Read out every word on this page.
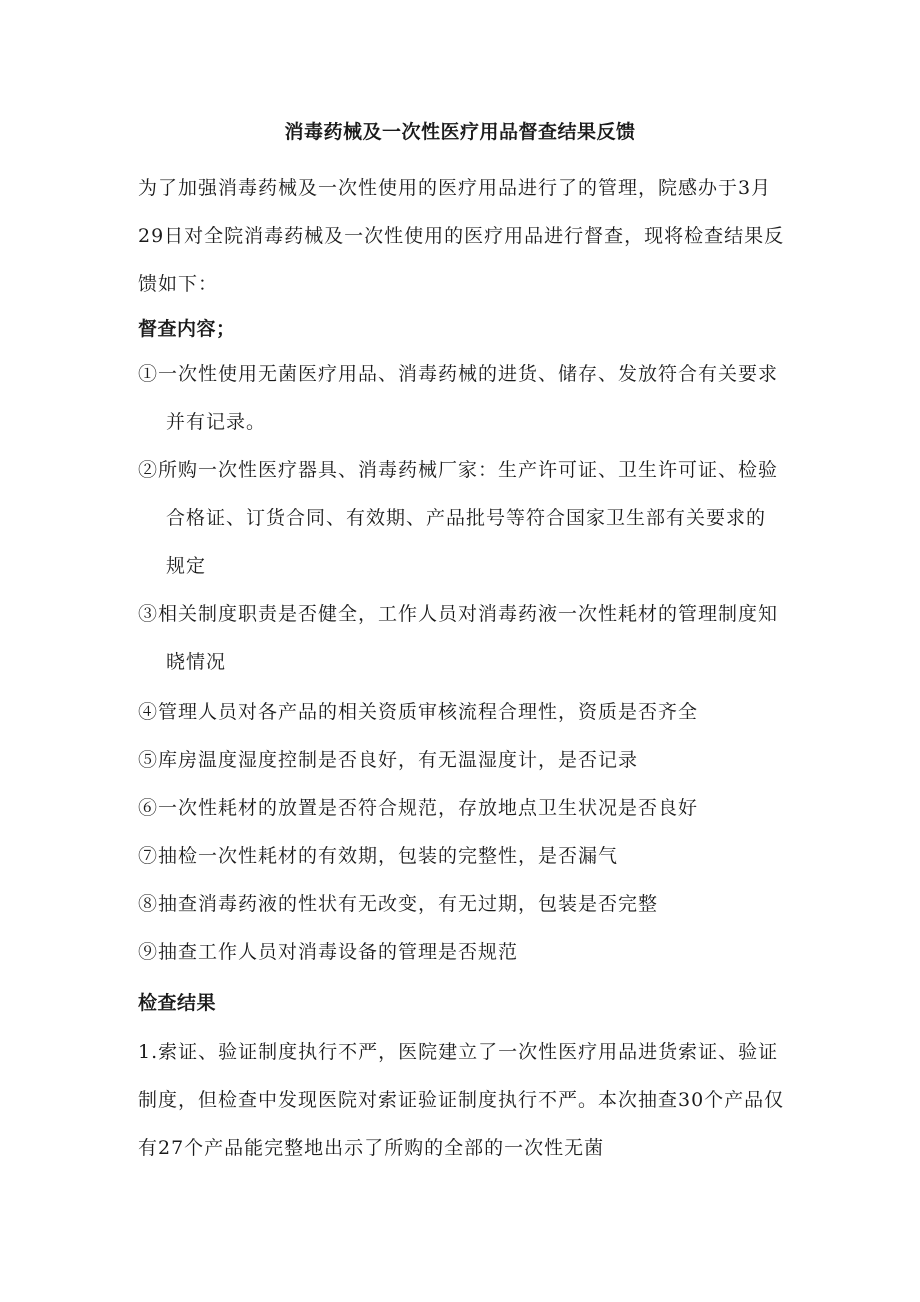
消毒药械及一次性医疗用品督查结果反馈
为了加强消毒药械及一次性使用的医疗用品进行了的管理，院感办于3月
29日对全院消毒药械及一次性使用的医疗用品进行督查，现将检查结果反
馈如下：
督查内容；
①一次性使用无菌医疗用品、消毒药械的进货、储存、发放符合有关要求
并有记录。
②所购一次性医疗器具、消毒药械厂家：生产许可证、卫生许可证、检验
合格证、订货合同、有效期、产品批号等符合国家卫生部有关要求的
规定
③相关制度职责是否健全，工作人员对消毒药液一次性耗材的管理制度知
晓情况
④管理人员对各产品的相关资质审核流程合理性，资质是否齐全
⑤库房温度湿度控制是否良好，有无温湿度计，是否记录
⑥一次性耗材的放置是否符合规范，存放地点卫生状况是否良好
⑦抽检一次性耗材的有效期，包装的完整性，是否漏气
⑧抽查消毒药液的性状有无改变，有无过期，包装是否完整
⑨抽查工作人员对消毒设备的管理是否规范
检查结果
1.索证、验证制度执行不严，医院建立了一次性医疗用品进货索证、验证
制度，但检查中发现医院对索证验证制度执行不严。本次抽查30个产品仅
有27个产品能完整地出示了所购的全部的一次性无菌
